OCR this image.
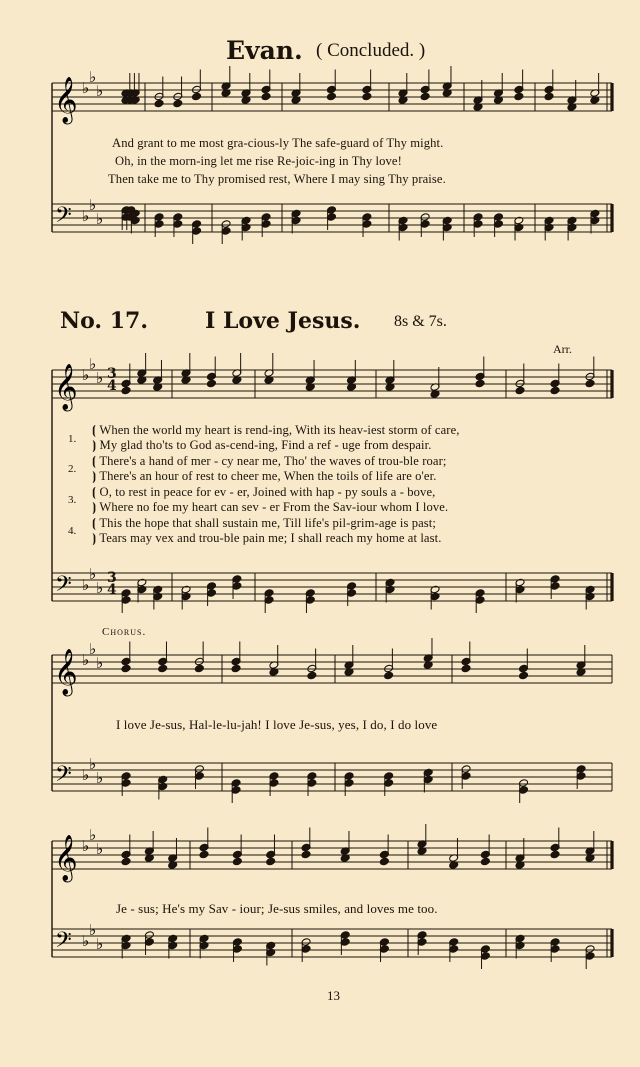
Evan. ( Concluded. )
𝄞
𝄢
♭
♭
♭
♭
♭
♭
𝄞
𝄢
♭
♭
♭
♭
♭
♭
𝄞
𝄢
♭
♭
♭
♭
♭
♭
𝄞
𝄢
♭
♭
♭
♭
♭
♭
And grant to me most gra-cious-ly The safe-guard of Thy might.
Oh, in the morn-ing let me rise Re-joic-ing in Thy love!
Then take me to Thy promised rest, Where I may sing Thy praise.
No. 17.	I Love Jesus. 8s & 7s.
Arr.
1.
2.
3.
4.
⦗ When the world my heart is rend-ing, With its heav-iest storm of care,
⦘ My glad tho'ts to God as-cend-ing, Find a ref - uge from despair.
⦗ There's a hand of mer - cy near me, Tho' the waves of trou-ble roar;
⦘ There's an hour of rest to cheer me, When the toils of life are o'er.
⦗ O, to rest in peace for ev - er, Joined with hap - py souls a - bove,
⦘ Where no foe my heart can sev - er From the Sav-iour whom I love.
⦗ This the hope that shall sustain me, Till life's pil-grim-age is past;
⦘ Tears may vex and trou-ble pain me; I shall reach my home at last.
3
4
3
4
Chorus.
I love Je-sus, Hal-le-lu-jah! I love Je-sus, yes, I do, I do love
Je - sus; He's my Sav - iour; Je-sus smiles, and loves me too.
13
